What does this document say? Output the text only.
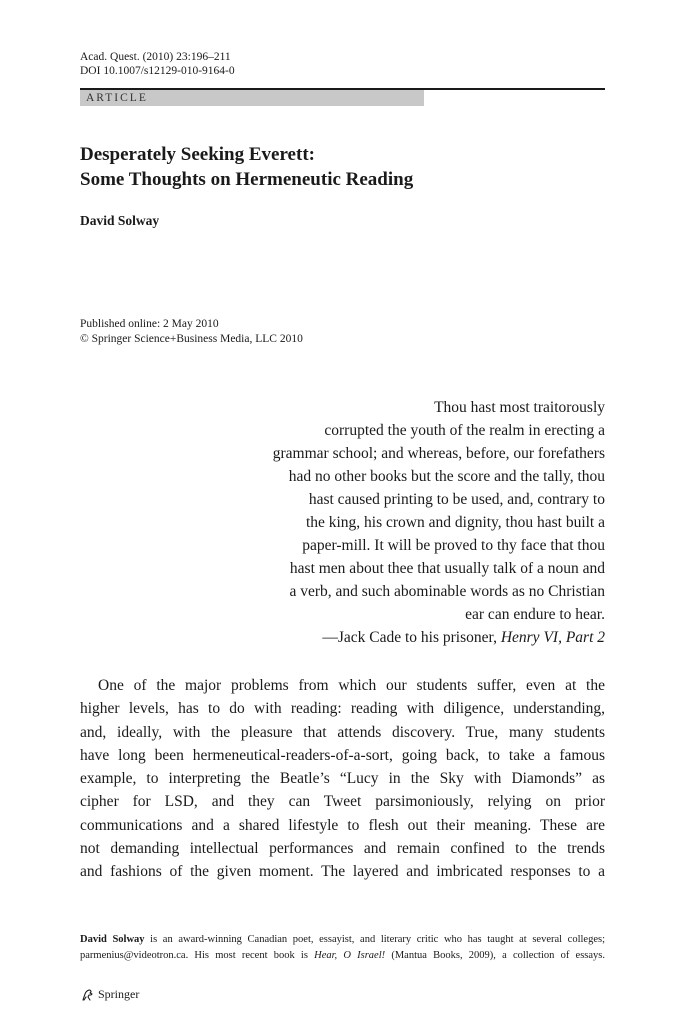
Acad. Quest. (2010) 23:196–211
DOI 10.1007/s12129-010-9164-0
ARTICLE
Desperately Seeking Everett:
Some Thoughts on Hermeneutic Reading
David Solway
Published online: 2 May 2010
© Springer Science+Business Media, LLC 2010
Thou hast most traitorously
corrupted the youth of the realm in erecting a
grammar school; and whereas, before, our forefathers
had no other books but the score and the tally, thou
hast caused printing to be used, and, contrary to
the king, his crown and dignity, thou hast built a
paper-mill. It will be proved to thy face that thou
hast men about thee that usually talk of a noun and
a verb, and such abominable words as no Christian
ear can endure to hear.
—Jack Cade to his prisoner, Henry VI, Part 2
One of the major problems from which our students suffer, even at the
higher levels, has to do with reading: reading with diligence, understanding,
and, ideally, with the pleasure that attends discovery. True, many students
have long been hermeneutical-readers-of-a-sort, going back, to take a famous
example, to interpreting the Beatle’s “Lucy in the Sky with Diamonds” as
cipher for LSD, and they can Tweet parsimoniously, relying on prior
communications and a shared lifestyle to flesh out their meaning. These are
not demanding intellectual performances and remain confined to the trends
and fashions of the given moment. The layered and imbricated responses to a
David Solway is an award-winning Canadian poet, essayist, and literary critic who has taught at several colleges;
parmenius@videotron.ca. His most recent book is Hear, O Israel! (Mantua Books, 2009), a collection of essays.
Springer
